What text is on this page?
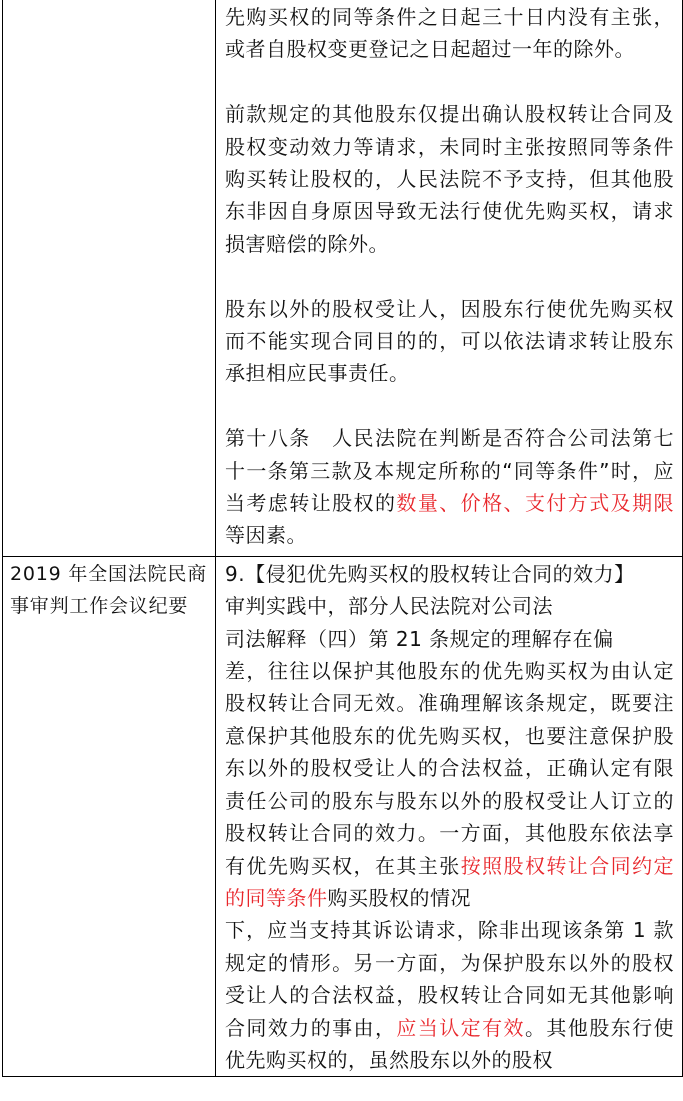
	先购买权的同等条件之日起三十日内没有主张，或者自股权变更登记之日起超过一年的除外。

前款规定的其他股东仅提出确认股权转让合同及股权变动效力等请求，未同时主张按照同等条件购买转让股权的，人民法院不予支持，但其他股东非因自身原因导致无法行使优先购买权，请求损害赔偿的除外。

股东以外的股权受让人，因股东行使优先购买权而不能实现合同目的的，可以依法请求转让股东承担相应民事责任。

第十八条　人民法院在判断是否符合公司法第七十一条第三款及本规定所称的“同等条件”时，应当考虑转让股权的数量、价格、支付方式及期限等因素。

2019 年全国法院民商事审判工作会议纪要	9.【侵犯优先购买权的股权转让合同的效力】

审判实践中，部分人民法院对公司法

司法解释（四）第 21 条规定的理解存在偏

差，往往以保护其他股东的优先购买权为由认定股权转让合同无效。准确理解该条规定，既要注意保护其他股东的优先购买权，也要注意保护股东以外的股权受让人的合法权益，正确认定有限责任公司的股东与股东以外的股权受让人订立的股权转让合同的效力。一方面，其他股东依法享有优先购买权，在其主张按照股权转让合同约定的同等条件购买股权的情况

下，应当支持其诉讼请求，除非出现该条第 1 款规定的情形。另一方面，为保护股东以外的股权受让人的合法权益，股权转让合同如无其他影响合同效力的事由，应当认定有效。其他股东行使优先购买权的，虽然股东以外的股权
